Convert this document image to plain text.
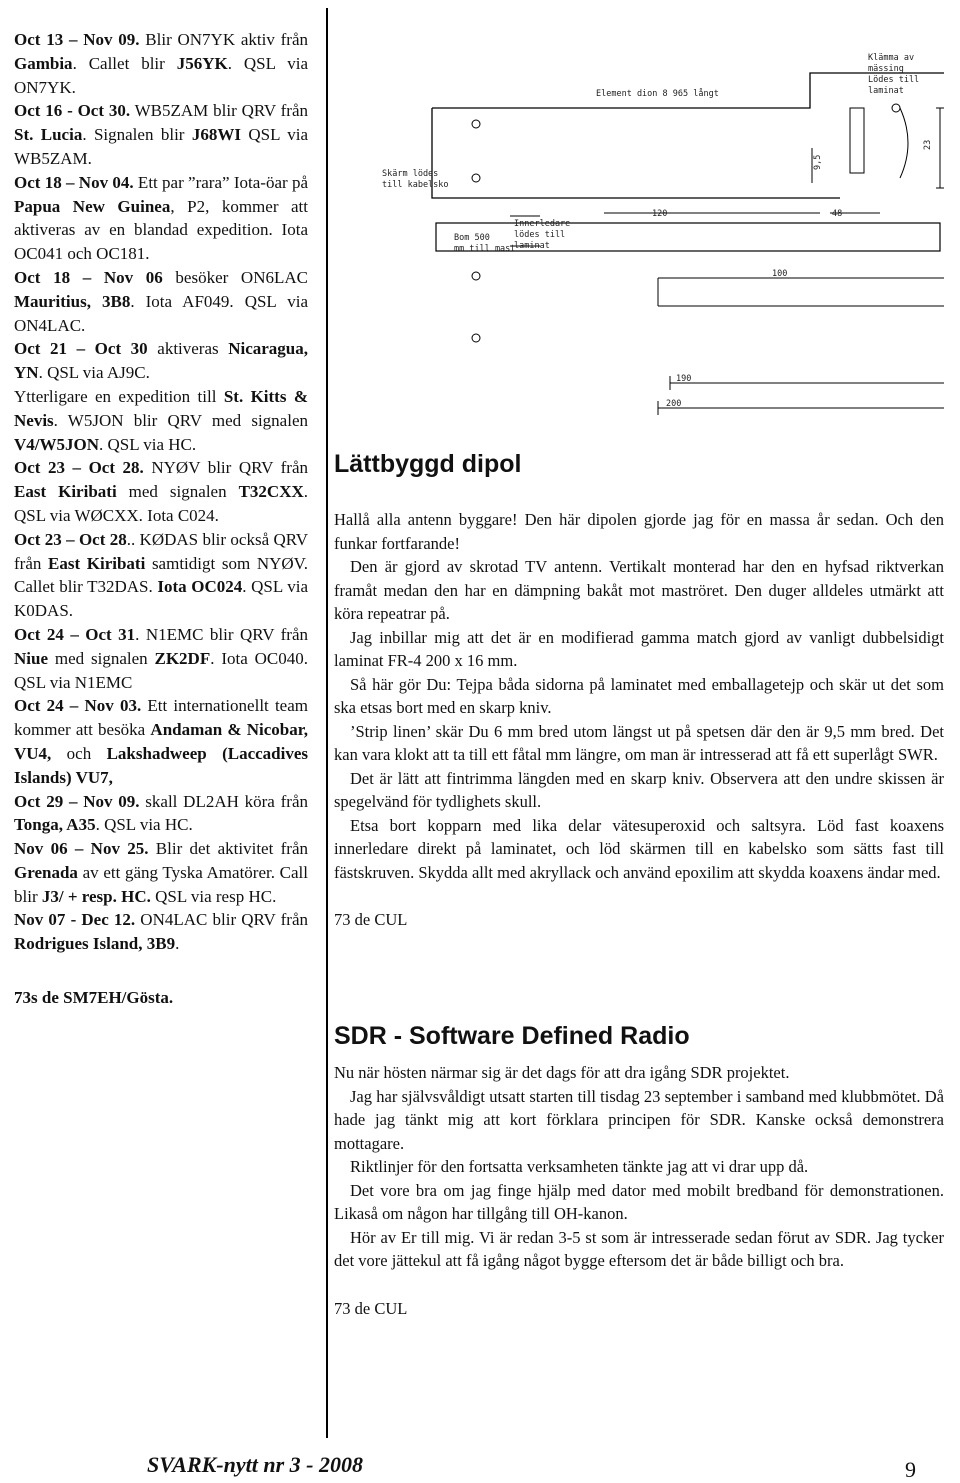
Oct 13 – Nov 09. Blir ON7YK aktiv från Gambia. Callet blir J56YK. QSL via ON7YK.

Oct 16 - Oct 30. WB5ZAM blir QRV från St. Lucia. Signalen blir J68WI QSL via WB5ZAM.

Oct 18 – Nov 04. Ett par ”rara” Iota-öar på Papua New Guinea, P2, kommer att aktiveras av en blandad expedition. Iota OC041 och OC181.

Oct 18 – Nov 06 besöker ON6LAC Mauritius, 3B8. Iota AF049. QSL via ON4LAC.

Oct 21 – Oct 30 aktiveras Nicaragua, YN. QSL via AJ9C.

Ytterligare en expedition till St. Kitts & Nevis. W5JON blir QRV med signalen V4/W5JON. QSL via HC.

Oct 23 – Oct 28. NYØV blir QRV från East Kiribati med signalen T32CXX. QSL via WØCXX. Iota C024.

Oct 23 – Oct 28.. KØDAS blir också QRV från East Kiribati samtidigt som NYØV. Callet blir T32DAS. Iota OC024. QSL via K0DAS.

Oct 24 – Oct 31. N1EMC blir QRV från Niue med signalen ZK2DF. Iota OC040. QSL via N1EMC

Oct 24 – Nov 03. Ett internationellt team kommer att besöka Andaman & Nicobar, VU4, och Lakshadweep (Laccadives Islands) VU7,

Oct 29 – Nov 09. skall DL2AH köra från Tonga, A35. QSL via HC.

Nov 06 – Nov 25. Blir det aktivitet från Grenada av ett gäng Tyska Amatörer. Call blir J3/ + resp. HC. QSL via resp HC.

Nov 07 - Dec 12. ON4LAC blir QRV från Rodrigues Island, 3B9.

73s de SM7EH/Gösta.

Element dion 8 965 långt
Klämma av
mässing
Lödes till
laminat
Skärm lödes
till kabelsko
Innerledare
lödes till
laminat
Bom 500
mm till mast
120	48
100
190
200
23
9,5
Lättbyggd dipol

Hallå alla antenn byggare! Den här dipolen gjorde jag för en massa år sedan. Och den funkar fortfarande!

Den är gjord av skrotad TV antenn. Vertikalt monterad har den en hyfsad riktverkan framåt medan den har en dämpning bakåt mot maströret. Den duger alldeles utmärkt att köra repeatrar på.

Jag inbillar mig att det är en modifierad gamma match gjord av vanligt dubbelsidigt laminat FR-4 200 x 16 mm.

Så här gör Du: Tejpa båda sidorna på laminatet med emballagetejp och skär ut det som ska etsas bort med en skarp kniv.

’Strip linen’ skär Du 6 mm bred utom längst ut på spetsen där den är 9,5 mm bred. Det kan vara klokt att ta till ett fåtal mm längre, om man är intresserad att få ett superlågt SWR.

Det är lätt att fintrimma längden med en skarp kniv. Observera att den undre skissen är spegelvänd för tydlighets skull.

Etsa bort kopparn med lika delar vätesuperoxid och saltsyra. Löd fast koaxens innerledare direkt på laminatet, och löd skärmen till en kabelsko som sätts fast till fästskruven. Skydda allt med akryllack och använd epoxilim att skydda koaxens ändar med.

73 de CUL

SDR - Software Defined Radio

Nu när hösten närmar sig är det dags för att dra igång SDR projektet.

Jag har självsvåldigt utsatt starten till tisdag 23 september i samband med klubbmötet. Då hade jag tänkt mig att kort förklara principen för SDR. Kanske också demonstrera mottagare.

Riktlinjer för den fortsatta verksamheten tänkte jag att vi drar upp då.

Det vore bra om jag finge hjälp med dator med mobilt bredband för demonstrationen. Likaså om någon har tillgång till OH-kanon.

Hör av Er till mig. Vi är redan 3-5 st som är intresserade sedan förut av SDR. Jag tycker det vore jättekul att få igång något bygge eftersom det är både billigt och bra.

73 de CUL

SVARK-nytt nr 3 - 2008	9
